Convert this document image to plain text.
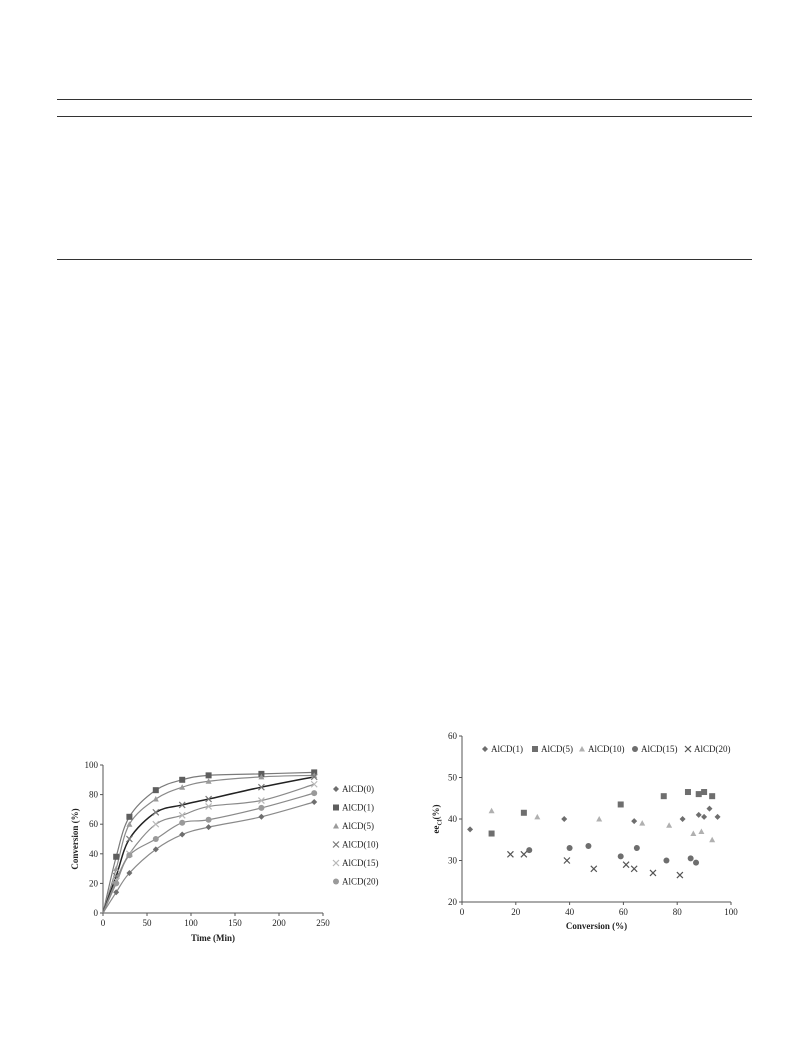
0
20
40
60
80
100
0	50	100	150	200	250
Time (Min)
Conversion (%)
AlCD(0)
AlCD(1)
AlCD(5)
AlCD(10)
AlCD(15)
AlCD(20)
20
30
40
50
60
0	20	40	60	80	100
Conversion (%)
$ee_{Cl}(\%)$
AlCD(1) AlCD(5) AlCD(10) AlCD(15) AlCD(20)
